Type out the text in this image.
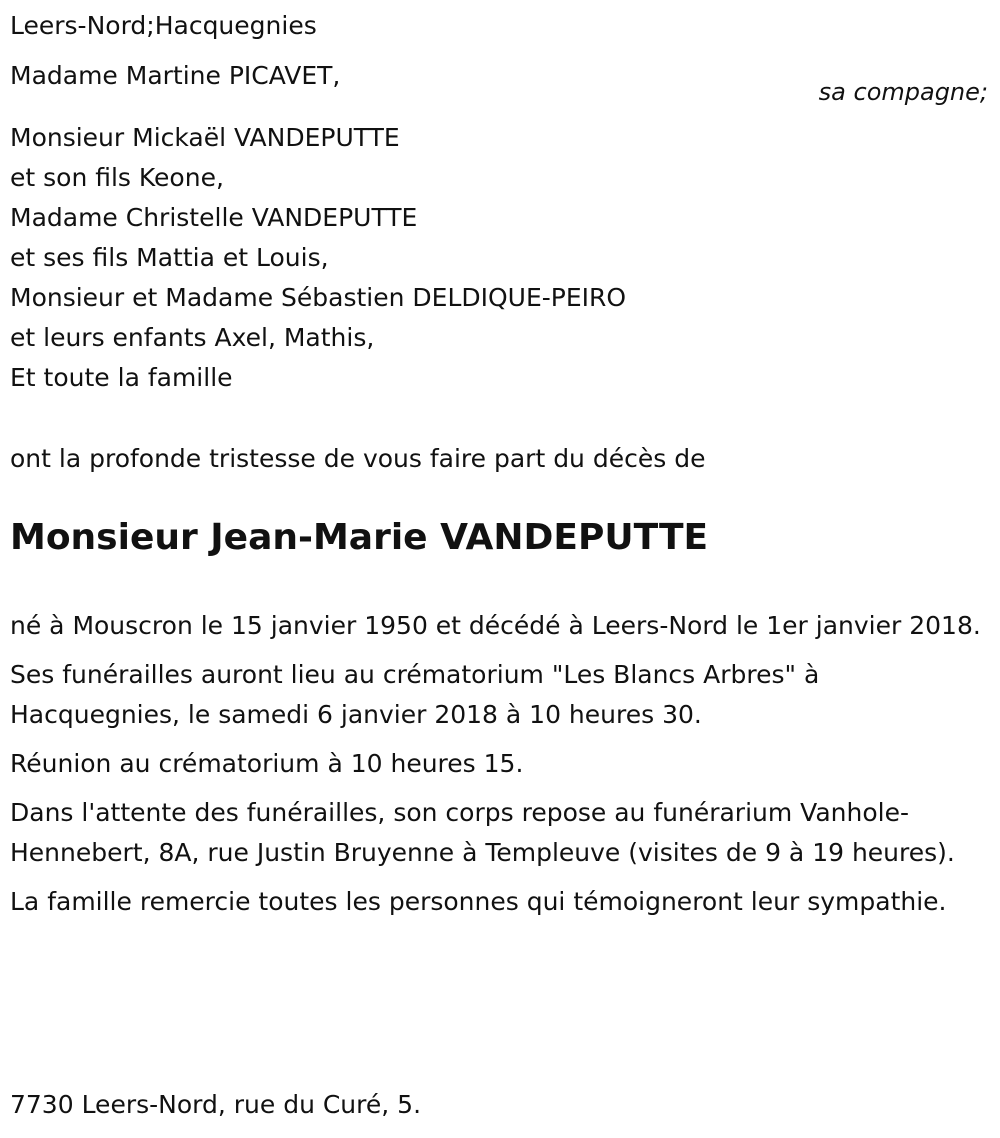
Leers-Nord;Hacquegnies
Madame Martine PICAVET,
sa compagne;
Monsieur Mickaël VANDEPUTTE
et son fils Keone,
Madame Christelle VANDEPUTTE
et ses fils Mattia et Louis,
Monsieur et Madame Sébastien DELDIQUE-PEIRO
et leurs enfants Axel, Mathis,
Et toute la famille
ont la profonde tristesse de vous faire part du décès de
Monsieur Jean-Marie VANDEPUTTE

né à Mouscron le 15 janvier 1950 et décédé à Leers-Nord le 1er janvier 2018.

Ses funérailles auront lieu au crématorium "Les Blancs Arbres" à Hacquegnies, le samedi 6 janvier 2018 à 10 heures 30.

Réunion au crématorium à 10 heures 15.

Dans l'attente des funérailles, son corps repose au funérarium Vanhole-Hennebert, 8A, rue Justin Bruyenne à Templeuve (visites de 9 à 19 heures).

La famille remercie toutes les personnes qui témoigneront leur sympathie.

7730 Leers-Nord, rue du Curé, 5.
